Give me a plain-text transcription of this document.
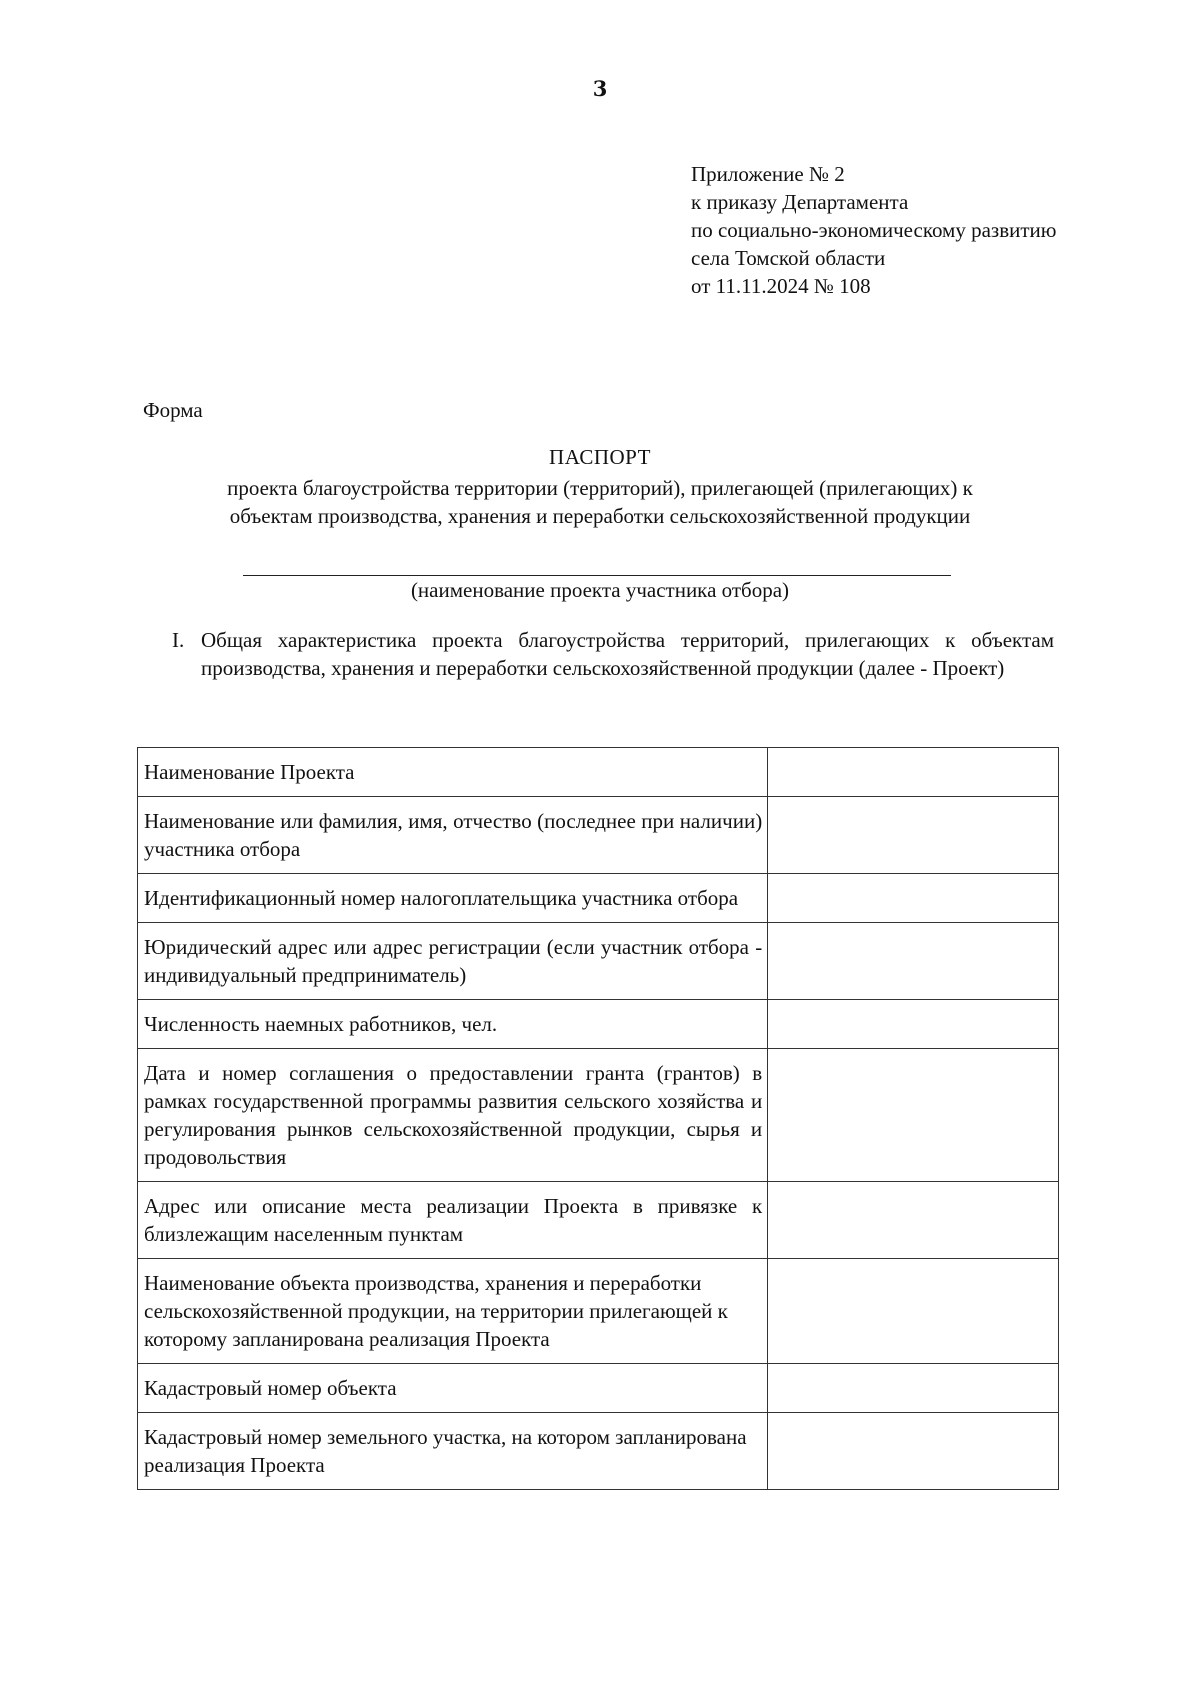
3
Приложение № 2
к приказу Департамента
по социально-экономическому развитию
села Томской области
от 11.11.2024 № 108
Форма
ПАСПОРТ
проекта благоустройства территории (территорий), прилегающей (прилегающих) к
объектам производства, хранения и переработки сельскохозяйственной продукции
(наименование проекта участника отбора)
I. Общая характеристика проекта благоустройства территорий, прилегающих к объектам производства, хранения и переработки сельскохозяйственной продукции (далее - Проект)
Наименование Проекта	
Наименование или фамилия, имя, отчество (последнее при наличии) участника отбора	
Идентификационный номер налогоплательщика участника отбора	
Юридический адрес или адрес регистрации (если участник отбора - индивидуальный предприниматель)	
Численность наемных работников, чел.	
Дата и номер соглашения о предоставлении гранта (грантов) в рамках государственной программы развития сельского хозяйства и регулирования рынков сельскохозяйственной продукции, сырья и продовольствия	
Адрес или описание места реализации Проекта в привязке к близлежащим населенным пунктам	
Наименование объекта производства, хранения и переработки сельскохозяйственной продукции, на территории прилегающей к которому запланирована реализация Проекта	
Кадастровый номер объекта	
Кадастровый номер земельного участка, на котором запланирована реализация Проекта	
